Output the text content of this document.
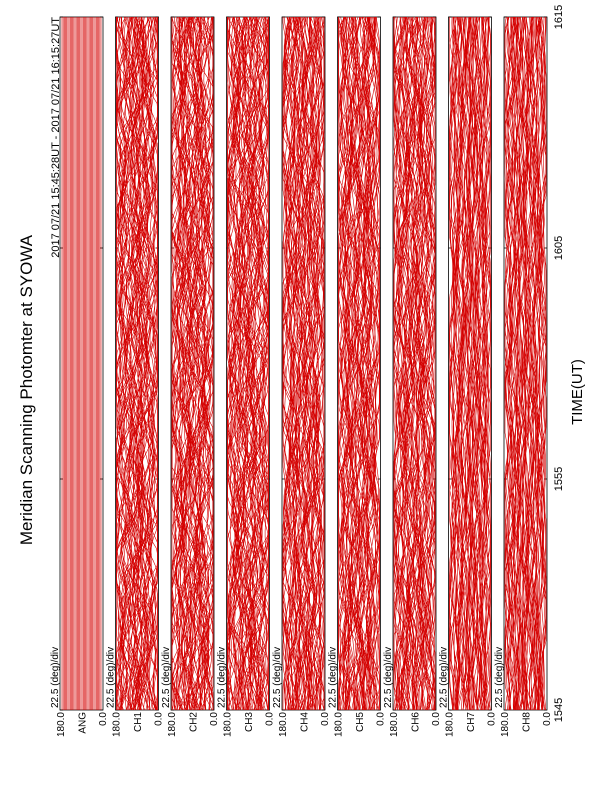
Meridian Scanning Photomter at SYOWA
2017 07/21 15:45:28UT - 2017 07/21 16:15:27UT
180.0	0.0
ANG
22.5 (deg)/div
180.0	0.0
CH1
22.5 (deg)/div
180.0	0.0
CH2
22.5 (deg)/div
180.0	0.0
CH3
22.5 (deg)/div
180.0	0.0
CH4
22.5 (deg)/div
180.0	0.0
CH5
22.5 (deg)/div
180.0	0.0
CH6
22.5 (deg)/div
180.0	0.0
CH7
22.5 (deg)/div
180.0	0.0
CH8
22.5 (deg)/div
1545
1555
1605
1615
TIME(UT)
